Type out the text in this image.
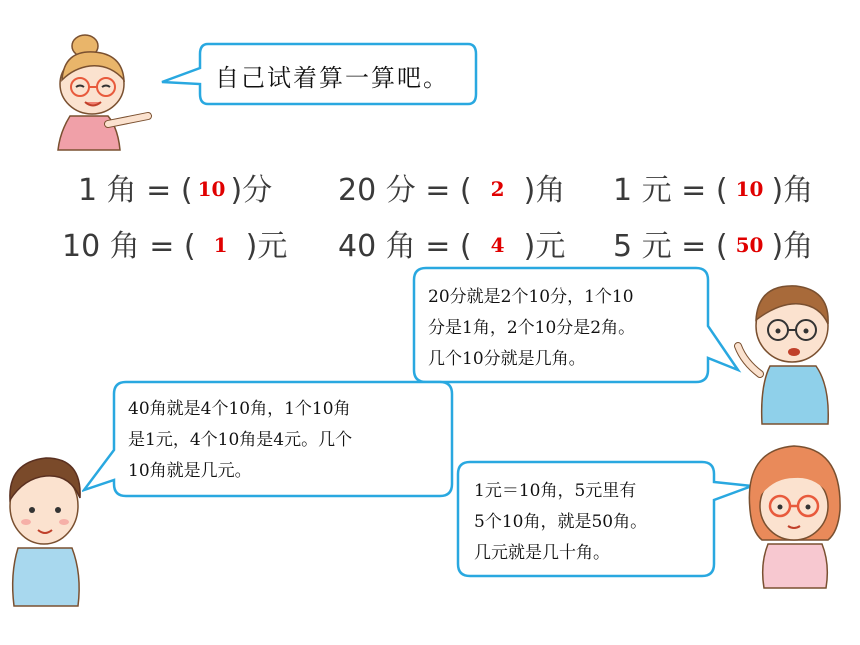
自己试着算一算吧。
1 角 = ( 10 )分 20 分 = ( 2 )角 1 元 = ( 10 )角
10 角 = ( 1 )元 40 角 = ( 4 )元 5 元 = ( 50 )角
20分就是2个10分，1个10
分是1角，2个10分是2角。
几个10分就是几角。
40角就是4个10角，1个10角
是1元，4个10角是4元。几个
10角就是几元。
1元＝10角，5元里有
5个10角，就是50角。
几元就是几十角。
